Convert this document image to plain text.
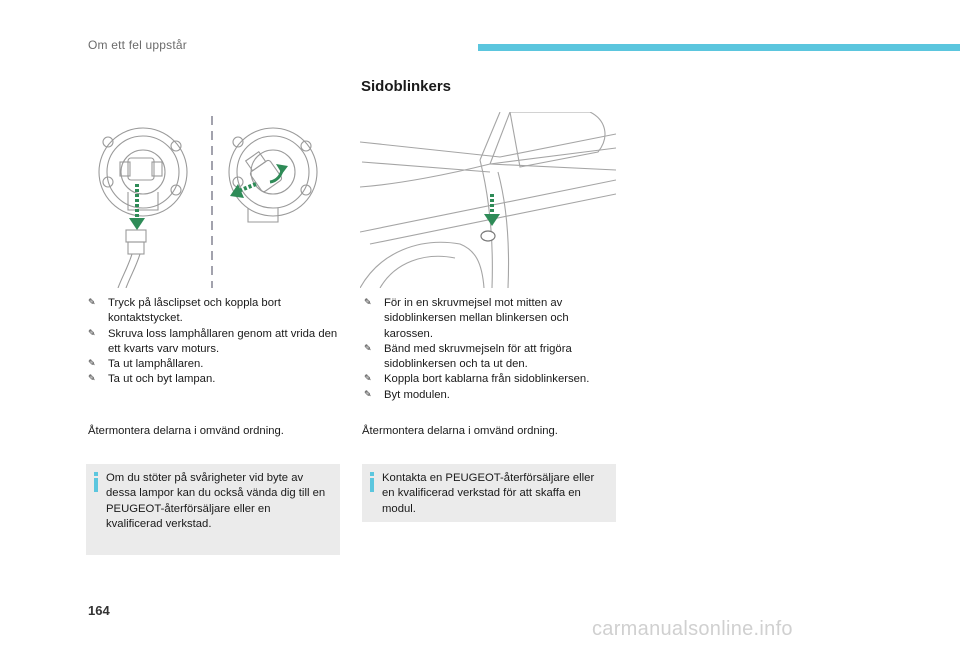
Om ett fel uppstår
Sidoblinkers
✎ Tryck på låsclipset och koppla bort kontaktstycket.
✎ Skruva loss lamphållaren genom att vrida den ett kvarts varv moturs.
✎ Ta ut lamphållaren.
✎ Ta ut och byt lampan.
Återmontera delarna i omvänd ordning.
Om du stöter på svårigheter vid byte av dessa lampor kan du också vända dig till en PEUGEOT-återförsäljare eller en kvalificerad verkstad.
✎ För in en skruvmejsel mot mitten av sidoblinkersen mellan blinkersen och karossen.
✎ Bänd med skruvmejseln för att frigöra sidoblinkersen och ta ut den.
✎ Koppla bort kablarna från sidoblinkersen.
✎ Byt modulen.
Återmontera delarna i omvänd ordning.
Kontakta en PEUGEOT-återförsäljare eller en kvalificerad verkstad för att skaffa en modul.
164
carmanualsonline.info
